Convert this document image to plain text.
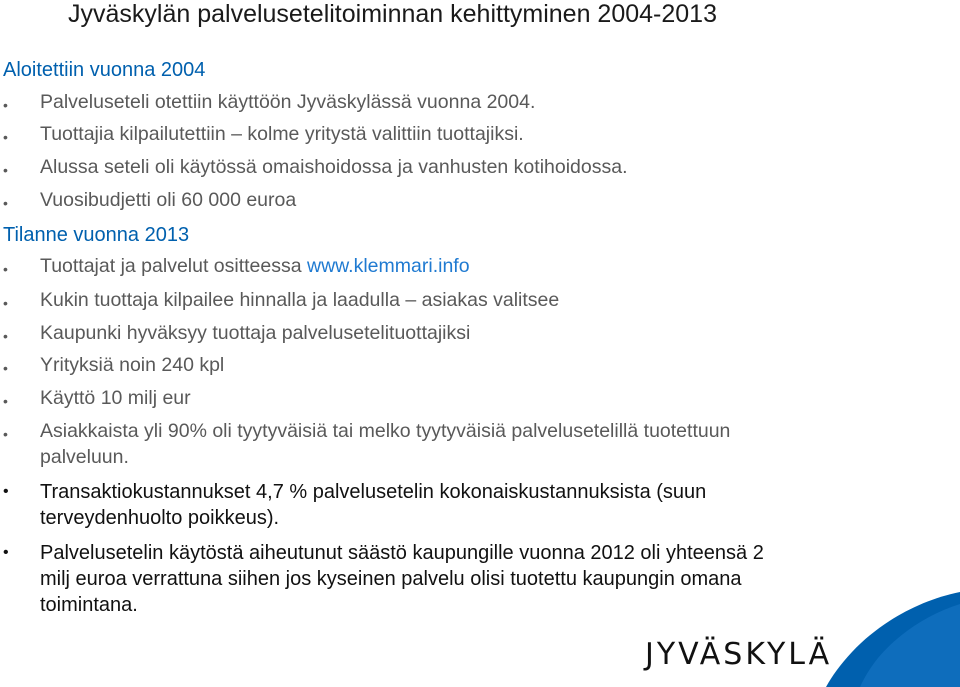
Jyväskylän palvelusetelitoiminnan kehittyminen 2004-2013
Aloitettiin vuonna 2004
• Palveluseteli otettiin käyttöön Jyväskylässä vuonna 2004.
• Tuottajia kilpailutettiin – kolme yritystä valittiin tuottajiksi.
• Alussa seteli oli käytössä omaishoidossa ja vanhusten kotihoidossa.
• Vuosibudjetti oli 60 000 euroa
Tilanne vuonna 2013
• Tuottajat ja palvelut ositteessa www.klemmari.info
• Kukin tuottaja kilpailee hinnalla ja laadulla – asiakas valitsee
• Kaupunki hyväksyy tuottaja palvelusetelituottajiksi
• Yrityksiä noin 240 kpl
• Käyttö 10 milj eur
• Asiakkaista yli 90% oli tyytyväisiä tai melko tyytyväisiä palvelusetelillä tuotettuun
palveluun.
• Transaktiokustannukset 4,7 % palvelusetelin kokonaiskustannuksista (suun
terveydenhuolto poikkeus).
• Palvelusetelin käytöstä aiheutunut säästö kaupungille vuonna 2012 oli yhteensä 2
milj euroa verrattuna siihen jos kyseinen palvelu olisi tuotettu kaupungin omana
toimintana.
JYVÄSKYLÄ
